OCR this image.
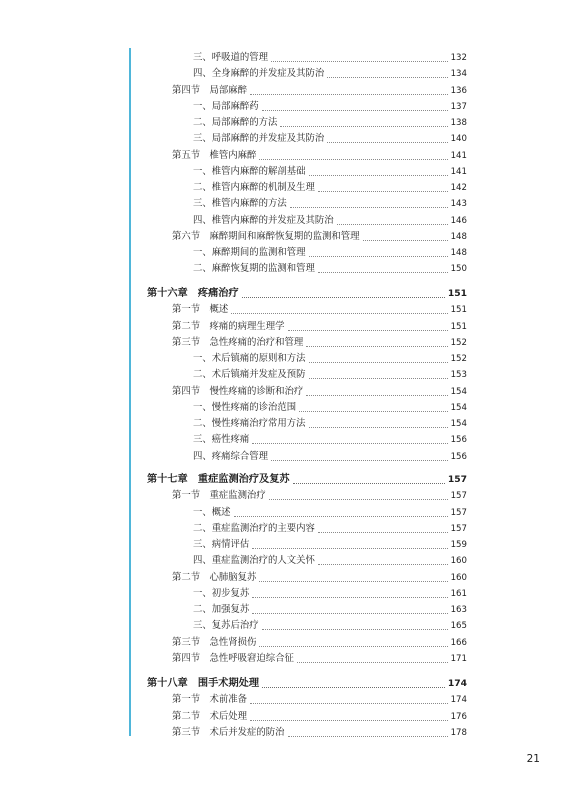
三、呼吸道的管理	132
四、全身麻醉的并发症及其防治	134
第四节　局部麻醉	136
一、局部麻醉药	137
二、局部麻醉的方法	138
三、局部麻醉的并发症及其防治	140
第五节　椎管内麻醉	141
一、椎管内麻醉的解剖基础	141
二、椎管内麻醉的机制及生理	142
三、椎管内麻醉的方法	143
四、椎管内麻醉的并发症及其防治	146
第六节　麻醉期间和麻醉恢复期的监测和管理	148
一、麻醉期间的监测和管理	148
二、麻醉恢复期的监测和管理	150
第十六章　疼痛治疗	151
第一节　概述	151
第二节　疼痛的病理生理学	151
第三节　急性疼痛的治疗和管理	152
一、术后镇痛的原则和方法	152
二、术后镇痛并发症及预防	153
第四节　慢性疼痛的诊断和治疗	154
一、慢性疼痛的诊治范围	154
二、慢性疼痛治疗常用方法	154
三、癌性疼痛	156
四、疼痛综合管理	156
第十七章　重症监测治疗及复苏	157
第一节　重症监测治疗	157
一、概述	157
二、重症监测治疗的主要内容	157
三、病情评估	159
四、重症监测治疗的人文关怀	160
第二节　心肺脑复苏	160
一、初步复苏	161
二、加强复苏	163
三、复苏后治疗	165
第三节　急性肾损伤	166
第四节　急性呼吸窘迫综合征	171
第十八章　围手术期处理	174
第一节　术前准备	174
第二节　术后处理	176
第三节　术后并发症的防治	178
21
